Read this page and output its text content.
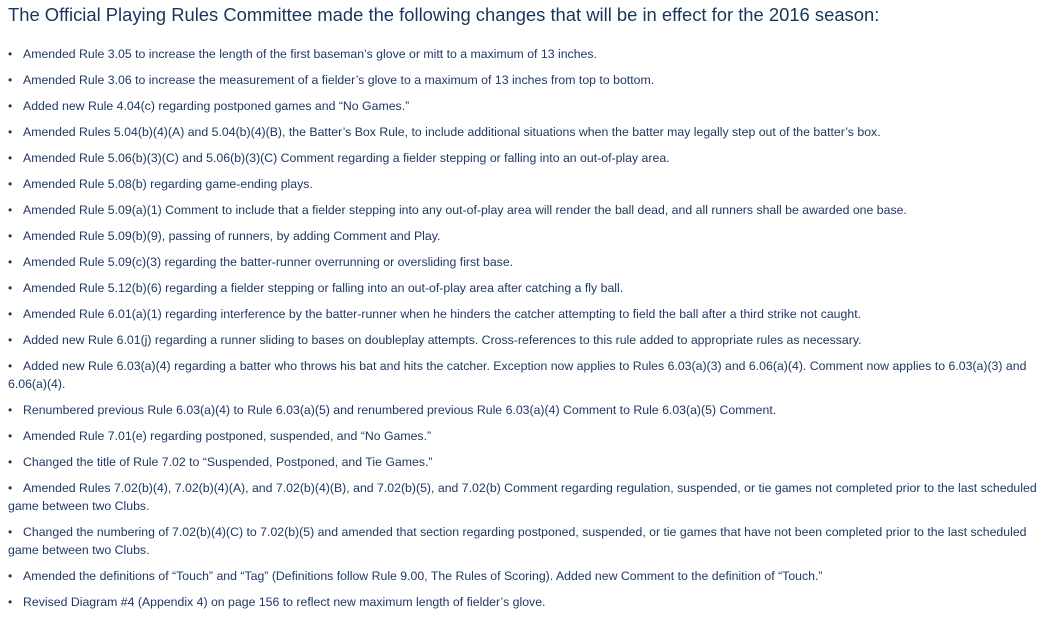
The Official Playing Rules Committee made the following changes that will be in effect for the 2016 season:
• Amended Rule 3.05 to increase the length of the first baseman’s glove or mitt to a maximum of 13 inches.
• Amended Rule 3.06 to increase the measurement of a fielder’s glove to a maximum of 13 inches from top to bottom.
• Added new Rule 4.04(c) regarding postponed games and “No Games.”
• Amended Rules 5.04(b)(4)(A) and 5.04(b)(4)(B), the Batter’s Box Rule, to include additional situations when the batter may legally step out of the batter’s box.
• Amended Rule 5.06(b)(3)(C) and 5.06(b)(3)(C) Comment regarding a fielder stepping or falling into an out-of-play area.
• Amended Rule 5.08(b) regarding game-ending plays.
• Amended Rule 5.09(a)(1) Comment to include that a fielder stepping into any out-of-play area will render the ball dead, and all runners shall be awarded one base.
• Amended Rule 5.09(b)(9), passing of runners, by adding Comment and Play.
• Amended Rule 5.09(c)(3) regarding the batter-runner overrunning or oversliding first base.
• Amended Rule 5.12(b)(6) regarding a fielder stepping or falling into an out-of-play area after catching a fly ball.
• Amended Rule 6.01(a)(1) regarding interference by the batter-runner when he hinders the catcher attempting to field the ball after a third strike not caught.
• Added new Rule 6.01(j) regarding a runner sliding to bases on doubleplay attempts. Cross-references to this rule added to appropriate rules as necessary.
• Added new Rule 6.03(a)(4) regarding a batter who throws his bat and hits the catcher. Exception now applies to Rules 6.03(a)(3) and 6.06(a)(4). Comment now applies to 6.03(a)(3) and 6.06(a)(4).
• Renumbered previous Rule 6.03(a)(4) to Rule 6.03(a)(5) and renumbered previous Rule 6.03(a)(4) Comment to Rule 6.03(a)(5) Comment.
• Amended Rule 7.01(e) regarding postponed, suspended, and “No Games.”
• Changed the title of Rule 7.02 to “Suspended, Postponed, and Tie Games.”
• Amended Rules 7.02(b)(4), 7.02(b)(4)(A), and 7.02(b)(4)(B), and 7.02(b)(5), and 7.02(b) Comment regarding regulation, suspended, or tie games not completed prior to the last scheduled game between two Clubs.
• Changed the numbering of 7.02(b)(4)(C) to 7.02(b)(5) and amended that section regarding postponed, suspended, or tie games that have not been completed prior to the last scheduled game between two Clubs.
• Amended the definitions of “Touch” and “Tag” (Definitions follow Rule 9.00, The Rules of Scoring). Added new Comment to the definition of “Touch.”
• Revised Diagram #4 (Appendix 4) on page 156 to reflect new maximum length of fielder’s glove.
